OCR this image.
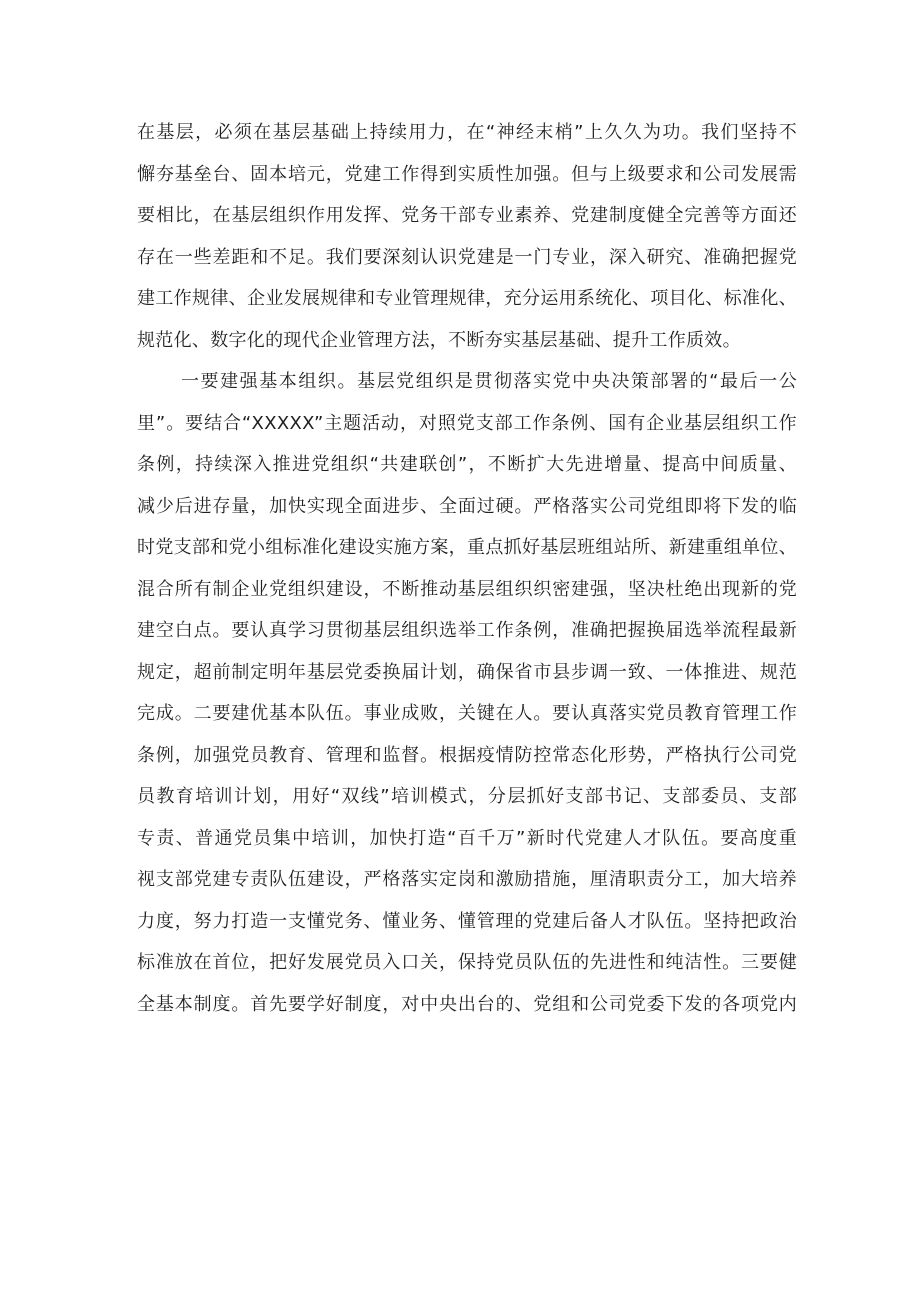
在基层，必须在基层基础上持续用力，在“神经末梢”上久久为功。我们坚持不
懈夯基垒台、固本培元，党建工作得到实质性加强。但与上级要求和公司发展需
要相比，在基层组织作用发挥、党务干部专业素养、党建制度健全完善等方面还
存在一些差距和不足。我们要深刻认识党建是一门专业，深入研究、准确把握党
建工作规律、企业发展规律和专业管理规律，充分运用系统化、项目化、标准化、
规范化、数字化的现代企业管理方法，不断夯实基层基础、提升工作质效。
一要建强基本组织。基层党组织是贯彻落实党中央决策部署的“最后一公
里”。要结合“XXXXX”主题活动，对照党支部工作条例、国有企业基层组织工作
条例，持续深入推进党组织“共建联创”，不断扩大先进增量、提高中间质量、
减少后进存量，加快实现全面进步、全面过硬。严格落实公司党组即将下发的临
时党支部和党小组标准化建设实施方案，重点抓好基层班组站所、新建重组单位、
混合所有制企业党组织建设，不断推动基层组织织密建强，坚决杜绝出现新的党
建空白点。要认真学习贯彻基层组织选举工作条例，准确把握换届选举流程最新
规定，超前制定明年基层党委换届计划，确保省市县步调一致、一体推进、规范
完成。二要建优基本队伍。事业成败，关键在人。要认真落实党员教育管理工作
条例，加强党员教育、管理和监督。根据疫情防控常态化形势，严格执行公司党
员教育培训计划，用好“双线”培训模式，分层抓好支部书记、支部委员、支部
专责、普通党员集中培训，加快打造“百千万”新时代党建人才队伍。要高度重
视支部党建专责队伍建设，严格落实定岗和激励措施，厘清职责分工，加大培养
力度，努力打造一支懂党务、懂业务、懂管理的党建后备人才队伍。坚持把政治
标准放在首位，把好发展党员入口关，保持党员队伍的先进性和纯洁性。三要健
全基本制度。首先要学好制度，对中央出台的、党组和公司党委下发的各项党内
